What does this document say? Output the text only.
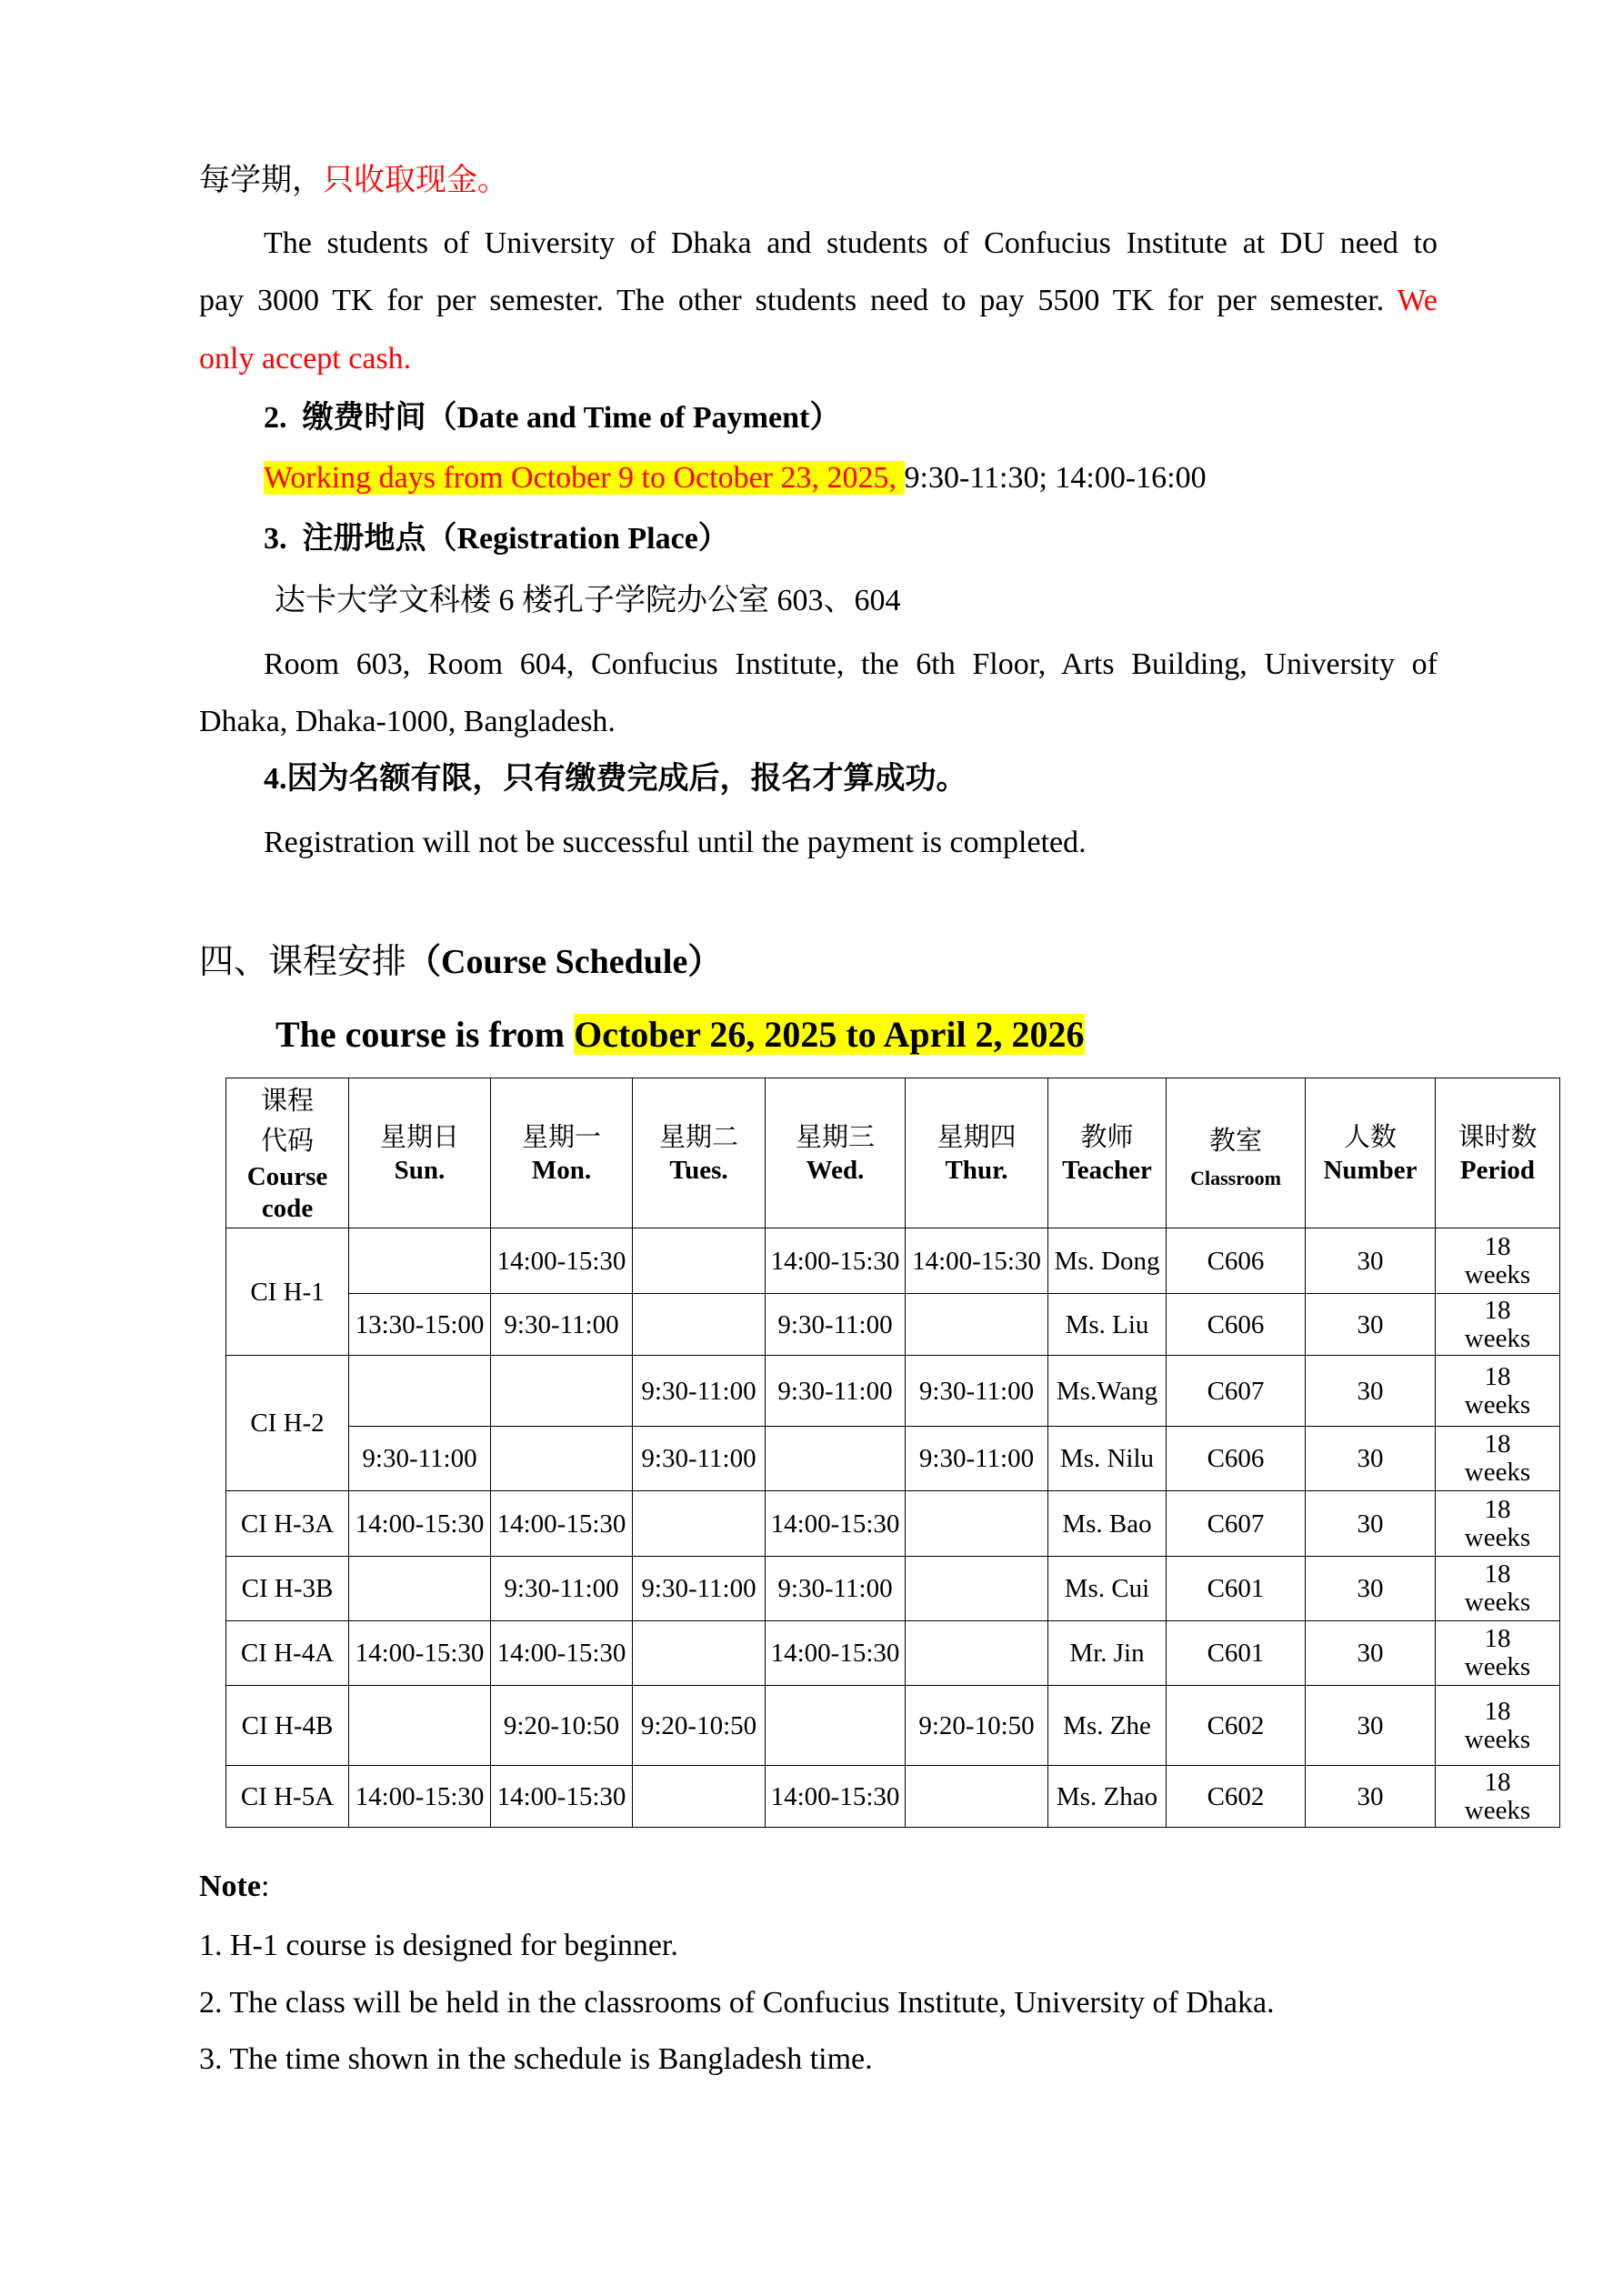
每学期，只收取现金。
The students of University of Dhaka and students of Confucius Institute at DU need to
pay 3000 TK for per semester. The other students need to pay 5500 TK for per semester. We
only accept cash.
2.  缴费时间（Date and Time of Payment）
Working days from October 9 to October 23, 2025, 9:30-11:30; 14:00-16:00
3.  注册地点（Registration Place）
达卡大学文科楼 6 楼孔子学院办公室 603、604
Room 603, Room 604, Confucius Institute, the 6th Floor, Arts Building, University of
Dhaka, Dhaka-1000, Bangladesh.
4.因为名额有限，只有缴费完成后，报名才算成功。
Registration will not be successful until the payment is completed.
四、课程安排（Course Schedule）
The course is from October 26, 2025 to April 2, 2026
课程
代码
Course
code	星期日
Sun.	星期一
Mon.	星期二
Tues.	星期三
Wed.	星期四
Thur.	教师
Teacher	教室
Classroom	人数
Number	课时数
Period

CI H-1		14:00-15:30		14:00-15:30	14:00-15:30	Ms. Dong	C606	30	18
weeks

	13:30-15:00	9:30-11:00		9:30-11:00		Ms. Liu	C606	30	18
weeks

CI H-2			9:30-11:00	9:30-11:00	9:30-11:00	Ms.Wang	C607	30	18
weeks

	9:30-11:00		9:30-11:00		9:30-11:00	Ms. Nilu	C606	30	18
weeks

CI H-3A	14:00-15:30	14:00-15:30		14:00-15:30		Ms. Bao	C607	30	18
weeks

CI H-3B		9:30-11:00	9:30-11:00	9:30-11:00		Ms. Cui	C601	30	18
weeks

CI H-4A	14:00-15:30	14:00-15:30		14:00-15:30		Mr. Jin	C601	30	18
weeks

CI H-4B		9:20-10:50	9:20-10:50		9:20-10:50	Ms. Zhe	C602	30	18
weeks

CI H-5A	14:00-15:30	14:00-15:30		14:00-15:30		Ms. Zhao	C602	30	18
weeks
Note:
1. H-1 course is designed for beginner.
2. The class will be held in the classrooms of Confucius Institute, University of Dhaka.
3. The time shown in the schedule is Bangladesh time.
